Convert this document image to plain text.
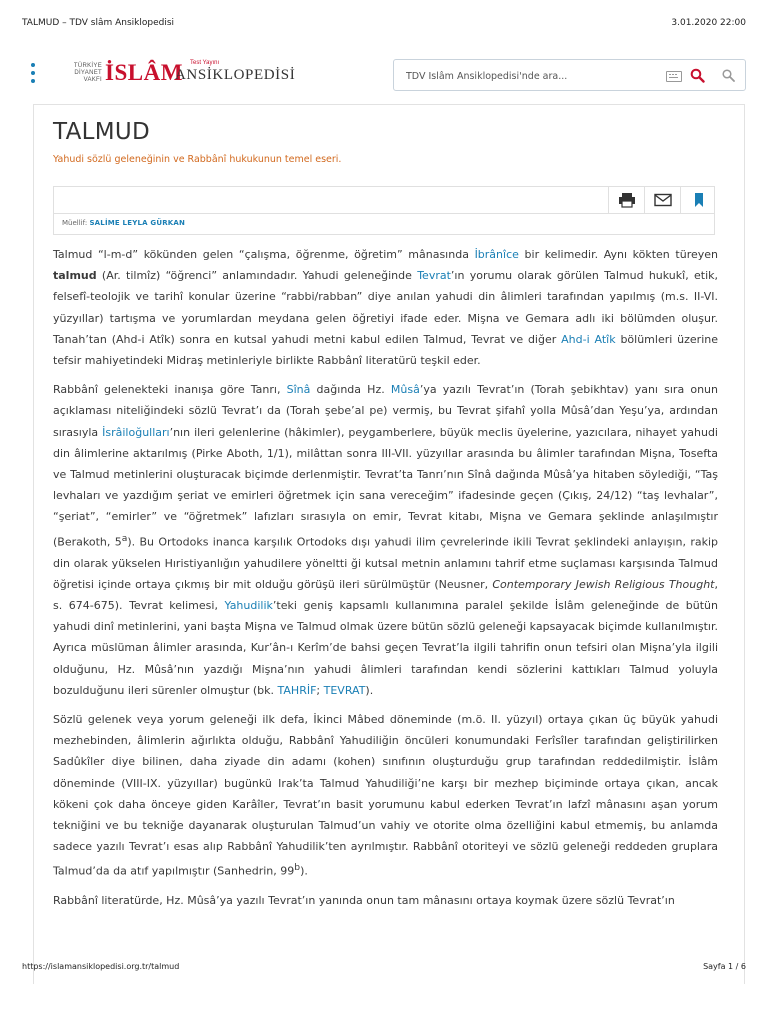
TALMUD – TDV slâm Ansiklopedisi	3.01.2020 22:00
TÜRKİYE
DİYANET
VAKFI İSLÂM Test Yayını
ANSİKLOPEDİSİ
TDV İslâm Ansiklopedisi'nde ara...
TALMUD
Yahudi sözlü geleneğinin ve Rabbânî hukukunun temel eseri.
Müellif: SALİME LEYLA GÜRKAN

Talmud “l-m-d” kökünden gelen “çalışma, öğrenme, öğretim” mânasında İbrânîce bir kelimedir. Aynı kökten türeyen talmud (Ar. tilmîz) “öğrenci” anlamındadır. Yahudi geleneğinde Tevrat’ın yorumu olarak görülen Talmud hukukî, etik, felsefî-teolojik ve tarihî konular üzerine “rabbi/rabban” diye anılan yahudi din âlimleri tarafından yapılmış (m.s. II-VI. yüzyıllar) tartışma ve yorumlardan meydana gelen öğretiyi ifade eder. Mişna ve Gemara adlı iki bölümden oluşur. Tanah’tan (Ahd-i Atîk) sonra en kutsal yahudi metni kabul edilen Talmud, Tevrat ve diğer Ahd-i Atîk bölümleri üzerine tefsir mahiyetindeki Midraş metinleriyle birlikte Rabbânî literatürü teşkil eder.

Rabbânî gelenekteki inanışa göre Tanrı, Sînâ dağında Hz. Mûsâ’ya yazılı Tevrat’ın (Torah şebikhtav) yanı sıra onun açıklaması niteliğindeki sözlü Tevrat’ı da (Torah şebe’al pe) vermiş, bu Tevrat şifahî yolla Mûsâ’dan Yeşu’ya, ardından sırasıyla İsrâiloğulları’nın ileri gelenlerine (hâkimler), peygamberlere, büyük meclis üyelerine, yazıcılara, nihayet yahudi din âlimlerine aktarılmış (Pirke Aboth, 1/1), milâttan sonra III-VII. yüzyıllar arasında bu âlimler tarafından Mişna, Tosefta ve Talmud metinlerini oluşturacak biçimde derlenmiştir. Tevrat’ta Tanrı’nın Sînâ dağında Mûsâ’ya hitaben söylediği, “Taş levhaları ve yazdığım şeriat ve emirleri öğretmek için sana vereceğim” ifadesinde geçen (Çıkış, 24/12) “taş levhalar”, “şeriat”, “emirler” ve “öğretmek” lafızları sırasıyla on emir, Tevrat kitabı, Mişna ve Gemara şeklinde anlaşılmıştır (Berakoth, 5$^a$). Bu Ortodoks inanca karşılık Ortodoks dışı yahudi ilim çevrelerinde ikili Tevrat şeklindeki anlayışın, rakip din olarak yükselen Hıristiyanlığın yahudilere yöneltti ği kutsal metnin anlamını tahrif etme suçlaması karşısında Talmud öğretisi içinde ortaya çıkmış bir mit olduğu görüşü ileri sürülmüştür (Neusner, Contemporary Jewish Religious Thought, s. 674-675). Tevrat kelimesi, Yahudilik’teki geniş kapsamlı kullanımına paralel şekilde İslâm geleneğinde de bütün yahudi dinî metinlerini, yani başta Mişna ve Talmud olmak üzere bütün sözlü geleneği kapsayacak biçimde kullanılmıştır. Ayrıca müslüman âlimler arasında, Kur’ân-ı Kerîm’de bahsi geçen Tevrat’la ilgili tahrifin onun tefsiri olan Mişna’yla ilgili olduğunu, Hz. Mûsâ’nın yazdığı Mişna’nın yahudi âlimleri tarafından kendi sözlerini kattıkları Talmud yoluyla bozulduğunu ileri sürenler olmuştur (bk. TAHRİF; TEVRAT).

Sözlü gelenek veya yorum geleneği ilk defa, İkinci Mâbed döneminde (m.ö. II. yüzyıl) ortaya çıkan üç büyük yahudi mezhebinden, âlimlerin ağırlıkta olduğu, Rabbânî Yahudiliğin öncüleri konumundaki Ferîsîler tarafından geliştirilirken Sadûkîler diye bilinen, daha ziyade din adamı (kohen) sınıfının oluşturduğu grup tarafından reddedilmiştir. İslâm döneminde (VIII-IX. yüzyıllar) bugünkü Irak’ta Talmud Yahudiliği’ne karşı bir mezhep biçiminde ortaya çıkan, ancak kökeni çok daha önceye giden Karâîler, Tevrat’ın basit yorumunu kabul ederken Tevrat’ın lafzî mânasını aşan yorum tekniğini ve bu tekniğe dayanarak oluşturulan Talmud’un vahiy ve otorite olma özelliğini kabul etmemiş, bu anlamda sadece yazılı Tevrat’ı esas alıp Rabbânî Yahudilik’ten ayrılmıştır. Rabbânî otoriteyi ve sözlü geleneği reddeden gruplara Talmud’da da atıf yapılmıştır (Sanhedrin, 99$^b$).

Rabbânî literatürde, Hz. Mûsâ’ya yazılı Tevrat’ın yanında onun tam mânasını ortaya koymak üzere sözlü Tevrat’ın

https://islamansiklopedisi.org.tr/talmud	Sayfa 1 / 6
